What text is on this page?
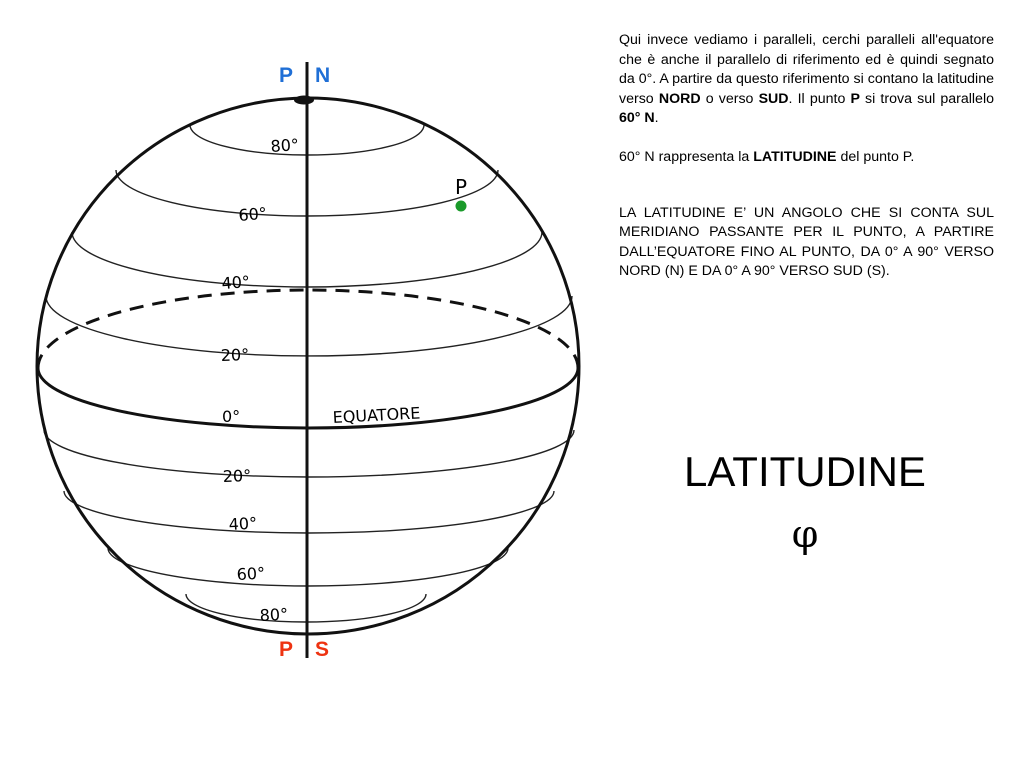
P N
P S
P
80°
60°
40°
20°
0°	EQUATORE
20°
40°
60°
80°

Qui invece vediamo i paralleli, cerchi paralleli all'equatore che è anche il parallelo di riferimento ed è quindi segnato da 0°. A partire da questo riferimento si contano la latitudine verso NORD o verso SUD. Il punto P si trova sul parallelo 60° N.

60° N rappresenta la LATITUDINE del punto P.

LA LATITUDINE E’ UN ANGOLO CHE SI CONTA SUL MERIDIANO PASSANTE PER IL PUNTO, A PARTIRE DALL’EQUATORE FINO AL PUNTO, DA 0° A 90° VERSO NORD (N) E DA 0° A 90° VERSO SUD (S).

LATITUDINE
φ
